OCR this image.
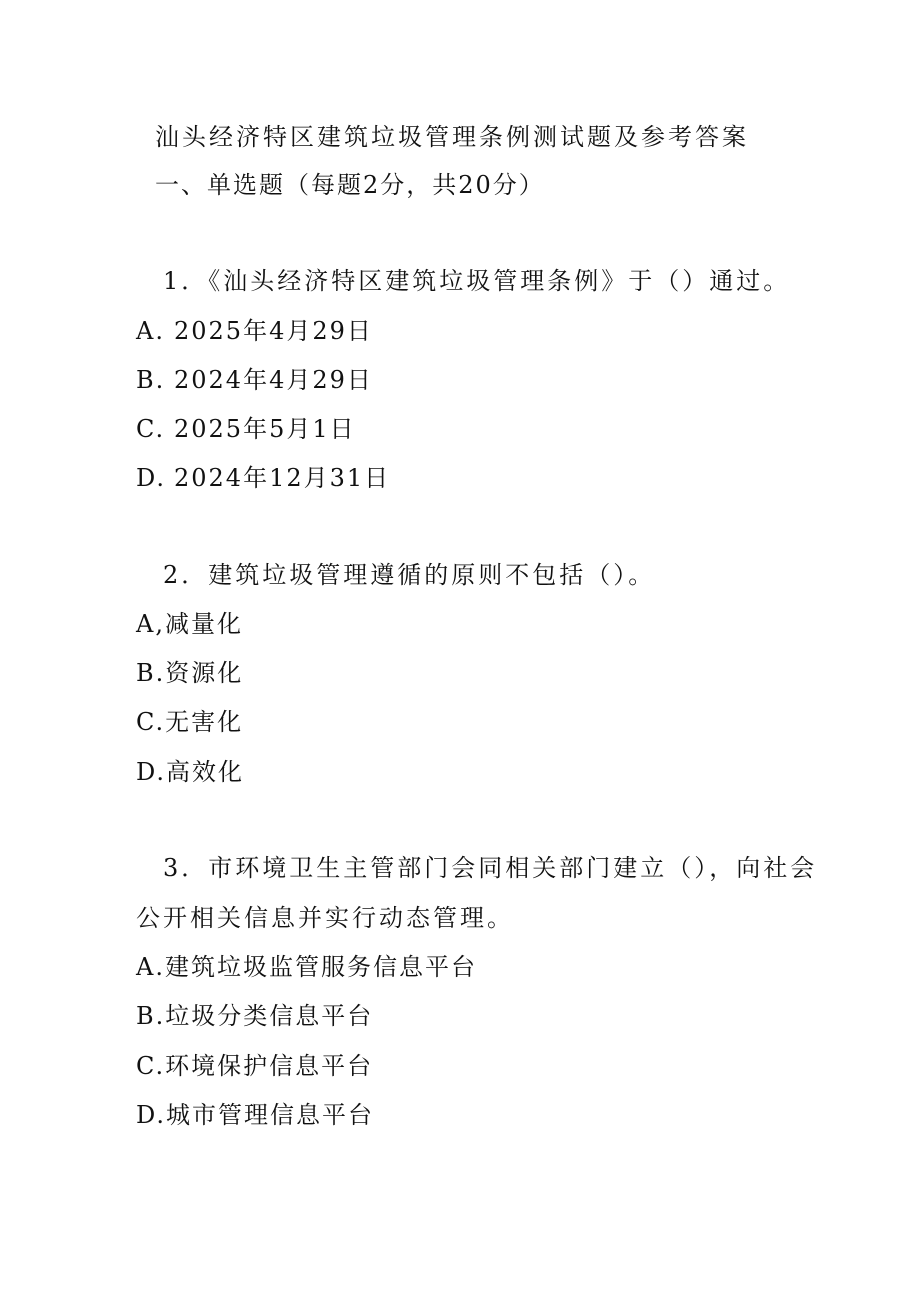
汕头经济特区建筑垃圾管理条例测试题及参考答案
一、单选题（每题2分，共20分）
1．《汕头经济特区建筑垃圾管理条例》于（）通过。
A. 2025年4月29日
B. 2024年4月29日
C. 2025年5月1日
D. 2024年12月31日
2．建筑垃圾管理遵循的原则不包括（）。
A,减量化
B.资源化
C.无害化
D.高效化
3．市环境卫生主管部门会同相关部门建立（），向社会
公开相关信息并实行动态管理。
A.建筑垃圾监管服务信息平台
B.垃圾分类信息平台
C.环境保护信息平台
D.城市管理信息平台
